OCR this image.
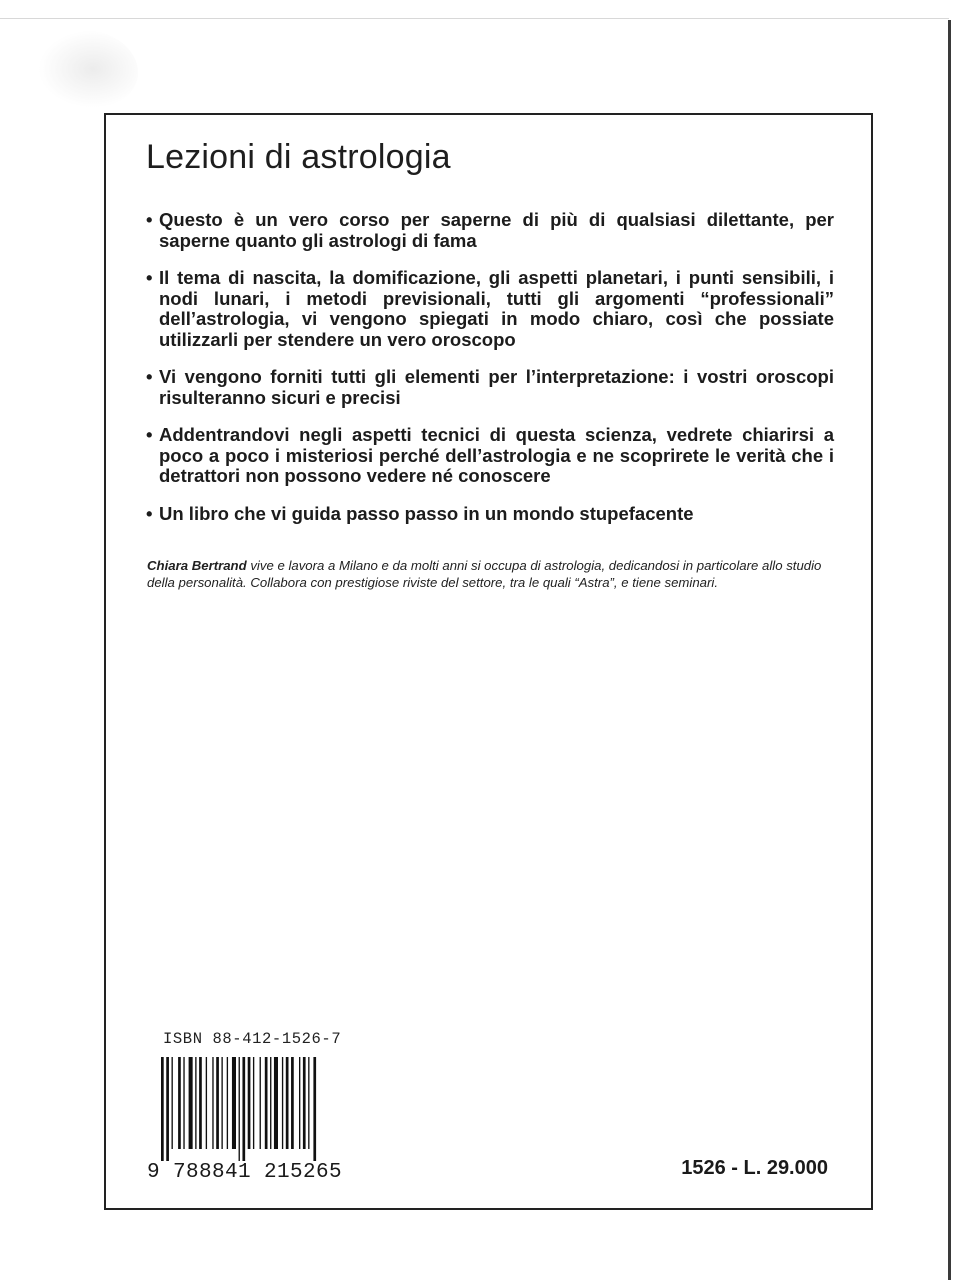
Lezioni di astrologia
• Questo è un vero corso per saperne di più di qualsiasi dilettante, per saperne quanto gli astrologi di fama
• Il tema di nascita, la domificazione, gli aspetti planetari, i punti sensibili, i nodi lunari, i metodi previsionali, tutti gli argomenti “professionali” dell’astrologia, vi vengono spiegati in modo chiaro, così che possiate utilizzarli per stendere un vero oroscopo
• Vi vengono forniti tutti gli elementi per l’interpretazione: i vostri oroscopi risulteranno sicuri e precisi
• Addentrandovi negli aspetti tecnici di questa scienza, vedrete chiarirsi a poco a poco i misteriosi perché dell’astrologia e ne scoprirete le verità che i detrattori non possono vedere né conoscere
• Un libro che vi guida passo passo in un mondo stupefacente

Chiara Bertrand vive e lavora a Milano e da molti anni si occupa di astrologia, dedicandosi in particolare allo studio della personalità. Collabora con prestigiose riviste del settore, tra le quali “Astra”, e tiene seminari.

ISBN 88-412-1526-7
9 788841 215265	1526 - L. 29.000
